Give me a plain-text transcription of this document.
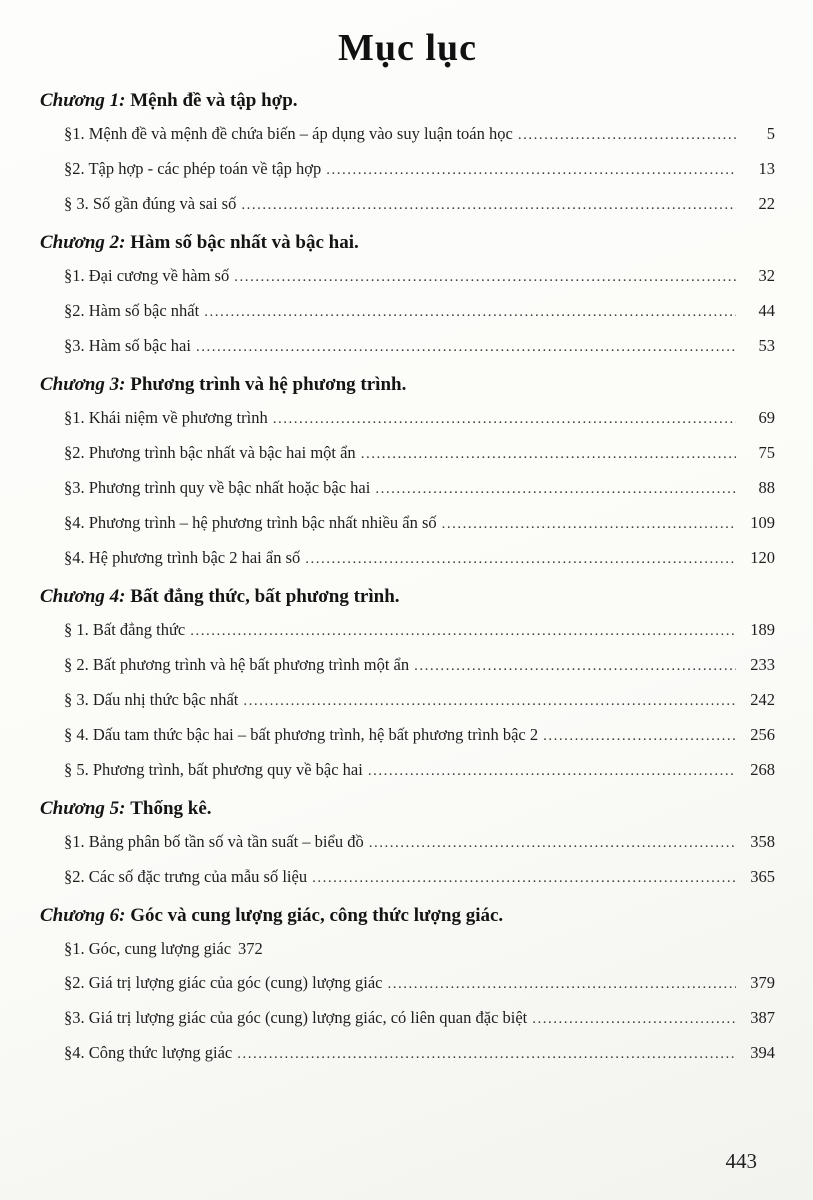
Mục lục
Chương 1: Mệnh đề và tập hợp.
§1. Mệnh đề và mệnh đề chứa biến – áp dụng vào suy luận toán học .....	5
§2. Tập hợp - các phép toán về tập hợp .....	13
§ 3. Số gần đúng và sai số .....	22
Chương 2: Hàm số bậc nhất và bậc hai.
§1. Đại cương về hàm số .....	32
§2. Hàm số bậc nhất .....	44
§3. Hàm số bậc hai .....	53
Chương 3: Phương trình và hệ phương trình.
§1. Khái niệm về phương trình .....	69
§2. Phương trình bậc nhất và bậc hai một ẩn .....	75
§3. Phương trình quy về bậc nhất hoặc bậc hai .....	88
§4. Phương trình – hệ phương trình bậc nhất nhiều ẩn số .....	109
§4. Hệ phương trình bậc 2 hai ẩn số .....	120
Chương 4: Bất đẳng thức, bất phương trình.
§ 1. Bất đẳng thức .....	189
§ 2. Bất phương trình và hệ bất phương trình một ẩn .....	233
§ 3. Dấu nhị thức bậc nhất .....	242
§ 4. Dấu tam thức bậc hai – bất phương trình, hệ bất phương trình bậc 2 .....	256
§ 5. Phương trình, bất phương quy về bậc hai .....	268
Chương 5: Thống kê.
§1. Bảng phân bố tần số và tần suất – biểu đồ .....	358
§2. Các số đặc trưng của mẫu số liệu .....	365
Chương 6: Góc và cung lượng giác, công thức lượng giác.
§1. Góc, cung lượng giác 372
§2. Giá trị lượng giác của góc (cung) lượng giác .....	379
§3. Giá trị lượng giác của góc (cung) lượng giác, có liên quan đặc biệt .....	387
§4. Công thức lượng giác .....	394
443
